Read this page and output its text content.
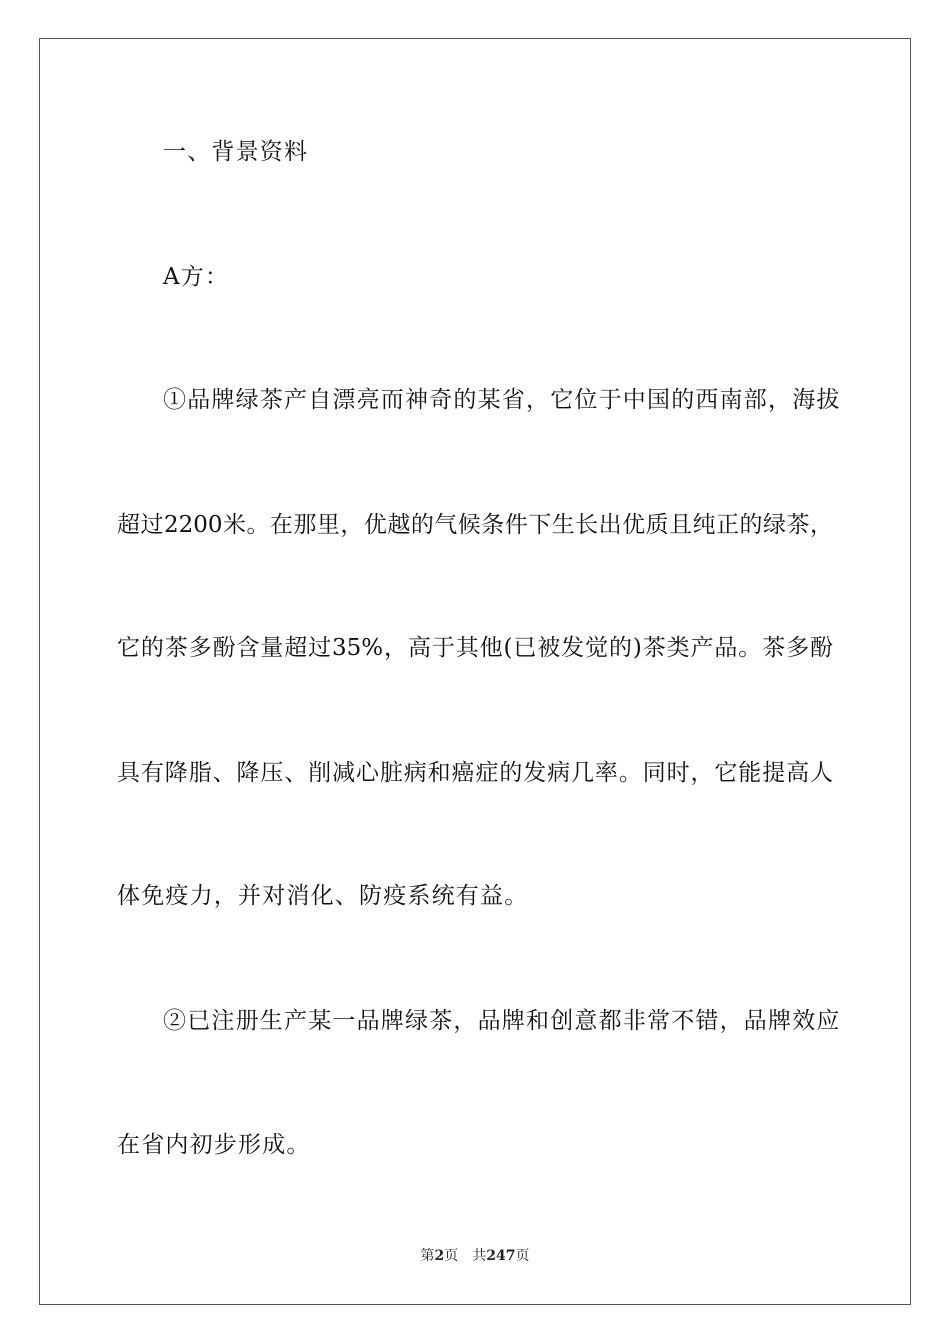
一、背景资料
A方：
①品牌绿茶产自漂亮而神奇的某省，它位于中国的西南部，海拔
超过2200米。在那里，优越的气候条件下生长出优质且纯正的绿茶，
它的茶多酚含量超过35%，高于其他(已被发觉的)茶类产品。茶多酚
具有降脂、降压、削减心脏病和癌症的发病几率。同时，它能提高人
体免疫力，并对消化、防疫系统有益。
②已注册生产某一品牌绿茶，品牌和创意都非常不错，品牌效应
在省内初步形成。
第2页 共247页
